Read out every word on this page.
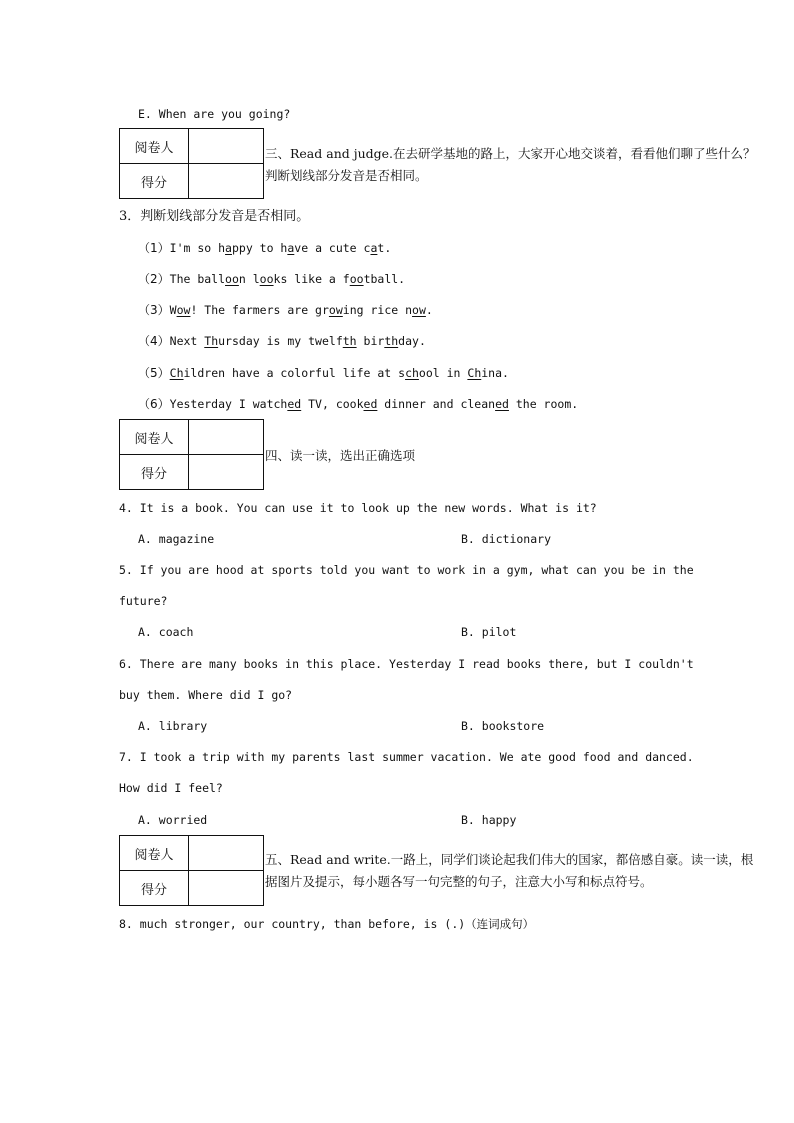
E. When are you going?
阅卷人	
得分	
三、Read and judge.在去研学基地的路上，大家开心地交谈着，看看他们聊了些什么？
判断划线部分发音是否相同。
3．判断划线部分发音是否相同。
（1）I'm so happy to have a cute cat.
（2）The balloon looks like a football.
（3）Wow! The farmers are growing rice now.
（4）Next Thursday is my twelfth birthday.
（5）Children have a colorful life at school in China.
（6）Yesterday I watched TV, cooked dinner and cleaned the room.
阅卷人	
得分	
四、读一读，选出正确选项
4. It is a book. You can use it to look up the new words. What is it?
A. magazine	B. dictionary
5. If you are hood at sports told you want to work in a gym, what can you be in the
future?
A. coach	B. pilot
6. There are many books in this place. Yesterday I read books there, but I couldn't
buy them. Where did I go?
A. library	B. bookstore
7. I took a trip with my parents last summer vacation. We ate good food and danced.
How did I feel?
A. worried	B. happy
阅卷人	
得分	
五、Read and write.一路上，同学们谈论起我们伟大的国家，都倍感自豪。读一读，根
据图片及提示，每小题各写一句完整的句子，注意大小写和标点符号。
8. much stronger, our country, than before, is (.)（连词成句）
